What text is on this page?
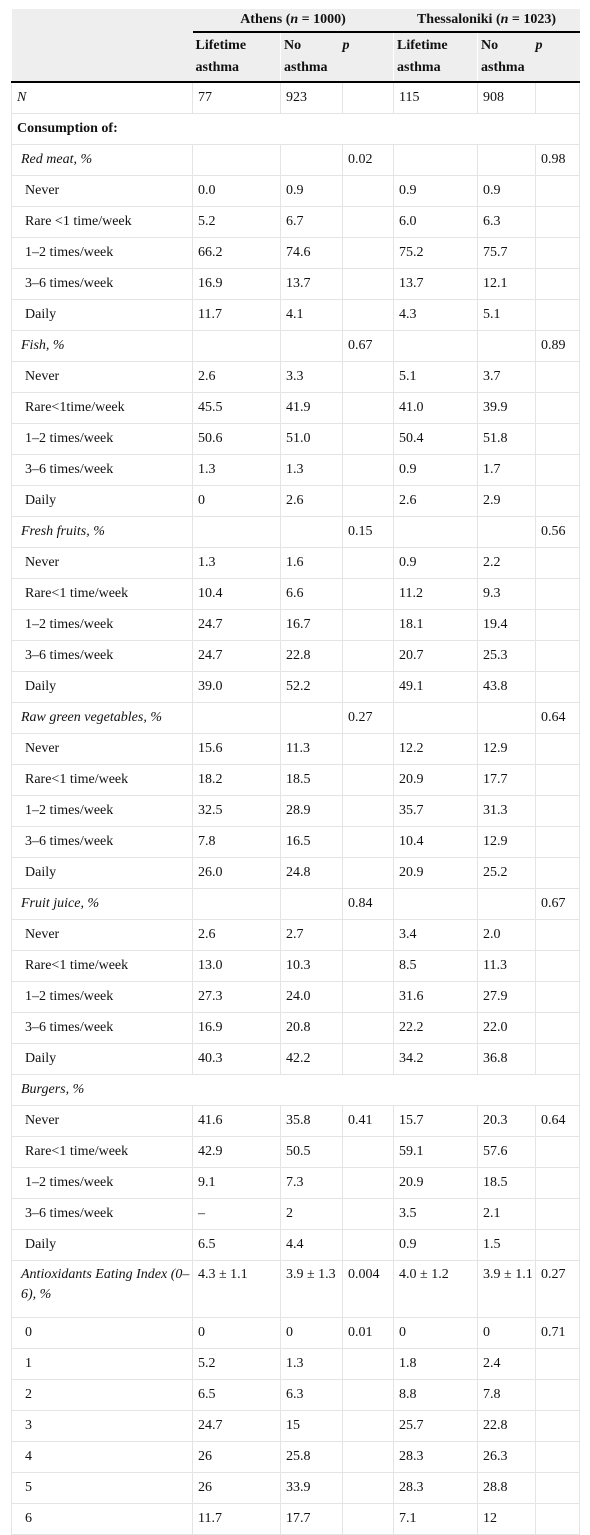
	Athens (n = 1000)			Thessaloniki (n = 1023)		
	Lifetime asthma	No asthma	p	Lifetime asthma	No asthma	p
N	77	923		115	908	
Consumption of:						
Red meat, %			0.02			0.98
Never	0.0	0.9		0.9	0.9	
Rare <1 time/week	5.2	6.7		6.0	6.3	
1–2 times/week	66.2	74.6		75.2	75.7	
3–6 times/week	16.9	13.7		13.7	12.1	
Daily	11.7	4.1		4.3	5.1	
Fish, %			0.67			0.89
Never	2.6	3.3		5.1	3.7	
Rare<1time/week	45.5	41.9		41.0	39.9	
1–2 times/week	50.6	51.0		50.4	51.8	
3–6 times/week	1.3	1.3		0.9	1.7	
Daily	0	2.6		2.6	2.9	
Fresh fruits, %			0.15			0.56
Never	1.3	1.6		0.9	2.2	
Rare<1 time/week	10.4	6.6		11.2	9.3	
1–2 times/week	24.7	16.7		18.1	19.4	
3–6 times/week	24.7	22.8		20.7	25.3	
Daily	39.0	52.2		49.1	43.8	
Raw green vegetables, %			0.27			0.64
Never	15.6	11.3		12.2	12.9	
Rare<1 time/week	18.2	18.5		20.9	17.7	
1–2 times/week	32.5	28.9		35.7	31.3	
3–6 times/week	7.8	16.5		10.4	12.9	
Daily	26.0	24.8		20.9	25.2	
Fruit juice, %			0.84			0.67
Never	2.6	2.7		3.4	2.0	
Rare<1 time/week	13.0	10.3		8.5	11.3	
1–2 times/week	27.3	24.0		31.6	27.9	
3–6 times/week	16.9	20.8		22.2	22.0	
Daily	40.3	42.2		34.2	36.8	
Burgers, %						
Never	41.6	35.8	0.41	15.7	20.3	0.64
Rare<1 time/week	42.9	50.5		59.1	57.6	
1–2 times/week	9.1	7.3		20.9	18.5	
3–6 times/week	–	2		3.5	2.1	
Daily	6.5	4.4		0.9	1.5	
Antioxidants Eating Index (0–6), %	4.3 ± 1.1	3.9 ± 1.3	0.004	4.0 ± 1.2	3.9 ± 1.1	0.27
0	0	0	0.01	0	0	0.71
1	5.2	1.3		1.8	2.4	
2	6.5	6.3		8.8	7.8	
3	24.7	15		25.7	22.8	
4	26	25.8		28.3	26.3	
5	26	33.9		28.3	28.8	
6	11.7	17.7		7.1	12	
